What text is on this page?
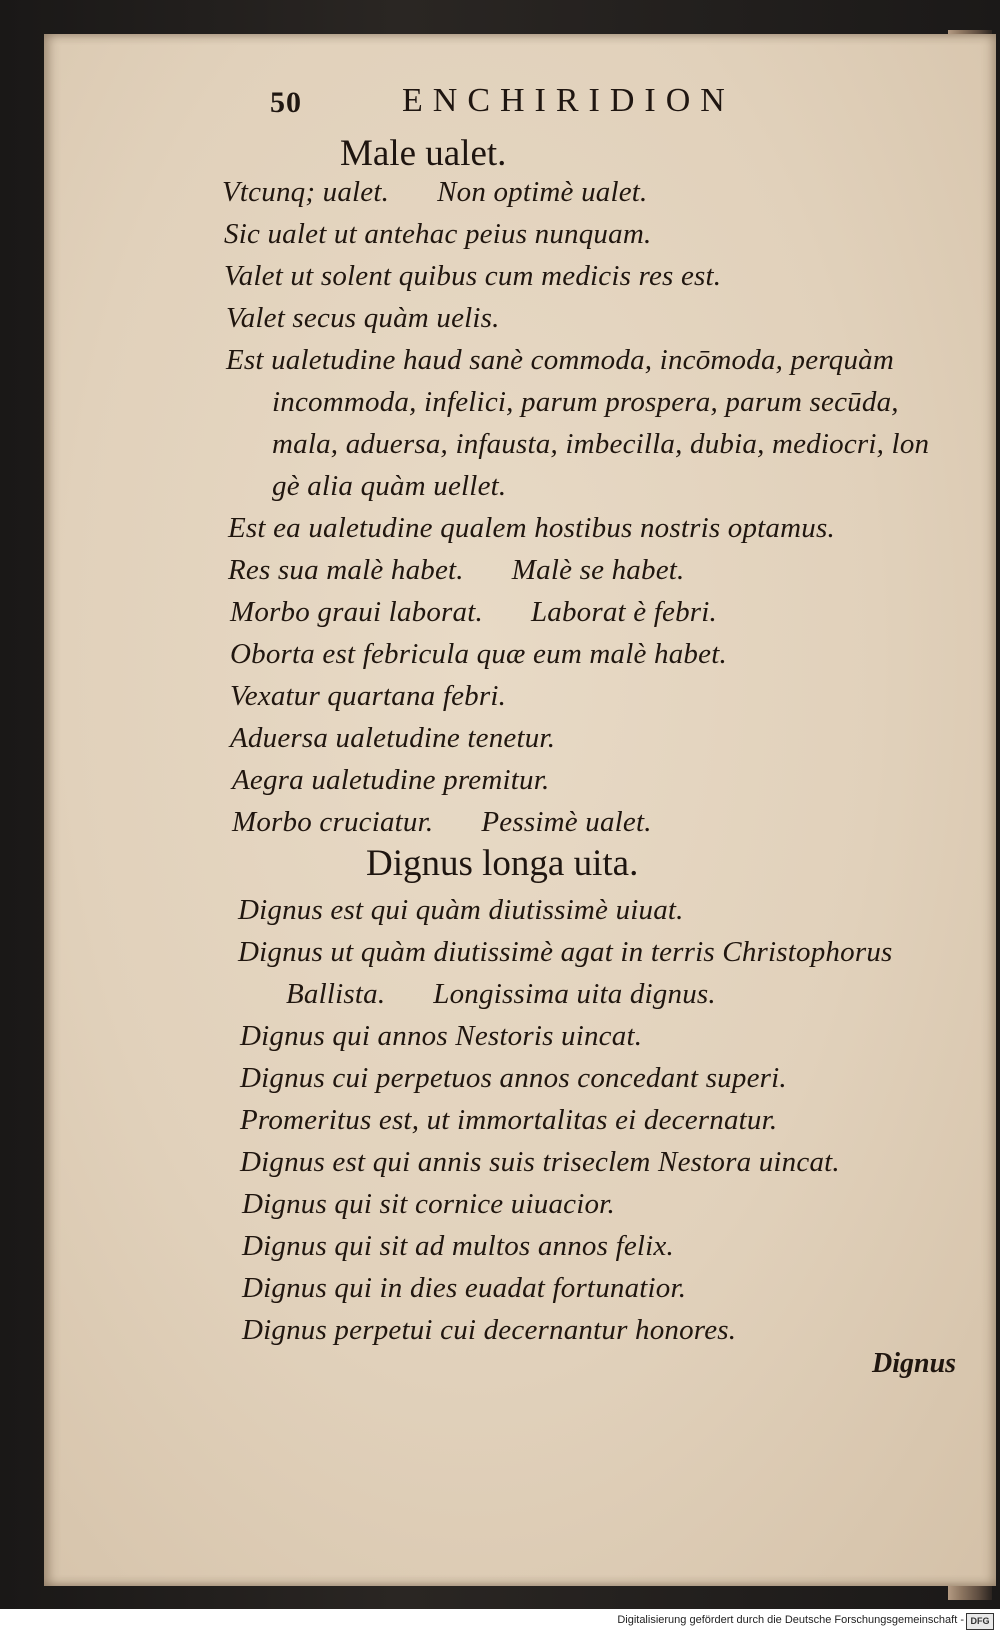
50	ENCHIRIDION
Male ualet.
Dignus longa uita.
Vtcunq; ualet. Non optimè ualet.
Sic ualet ut antehac peius nunquam.
Valet ut solent quibus cum medicis res est.
Valet secus quàm uelis.
Est ualetudine haud sanè commoda, incōmoda, perquàm
incommoda, infelici, parum prospera, parum secūda,
mala, aduersa, infausta, imbecilla, dubia, mediocri, lon
gè alia quàm uellet.
Est ea ualetudine qualem hostibus nostris optamus.
Res sua malè habet. Malè se habet.
Morbo graui laborat. Laborat è febri.
Oborta est febricula quæ eum malè habet.
Vexatur quartana febri.
Aduersa ualetudine tenetur.
Aegra ualetudine premitur.
Morbo cruciatur. Pessimè ualet.
Dignus est qui quàm diutissimè uiuat.
Dignus ut quàm diutissimè agat in terris Christophorus
Ballista. Longissima uita dignus.
Dignus qui annos Nestoris uincat.
Dignus cui perpetuos annos concedant superi.
Promeritus est, ut immortalitas ei decernatur.
Dignus est qui annis suis triseclem Nestora uincat.
Dignus qui sit cornice uiuacior.
Dignus qui sit ad multos annos felix.
Dignus qui in dies euadat fortunatior.
Dignus perpetui cui decernantur honores.
Dignus
Digitalisierung gefördert durch die Deutsche Forschungsgemeinschaft - DFG
